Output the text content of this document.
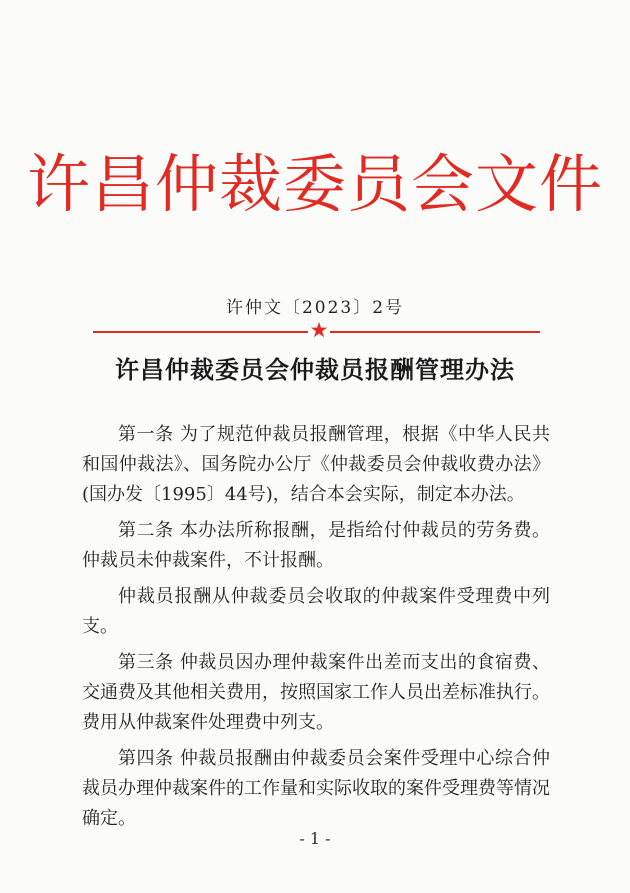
许昌仲裁委员会文件
许仲文〔2023〕2号
★
许昌仲裁委员会仲裁员报酬管理办法

第一条 为了规范仲裁员报酬管理，根据《中华人民共和国仲裁法》、国务院办公厅《仲裁委员会仲裁收费办法》(国办发〔1995〕44号)，结合本会实际，制定本办法。

第二条 本办法所称报酬，是指给付仲裁员的劳务费。仲裁员未仲裁案件，不计报酬。

仲裁员报酬从仲裁委员会收取的仲裁案件受理费中列支。

第三条 仲裁员因办理仲裁案件出差而支出的食宿费、交通费及其他相关费用，按照国家工作人员出差标准执行。费用从仲裁案件处理费中列支。

第四条 仲裁员报酬由仲裁委员会案件受理中心综合仲裁员办理仲裁案件的工作量和实际收取的案件受理费等情况确定。

- 1 -
